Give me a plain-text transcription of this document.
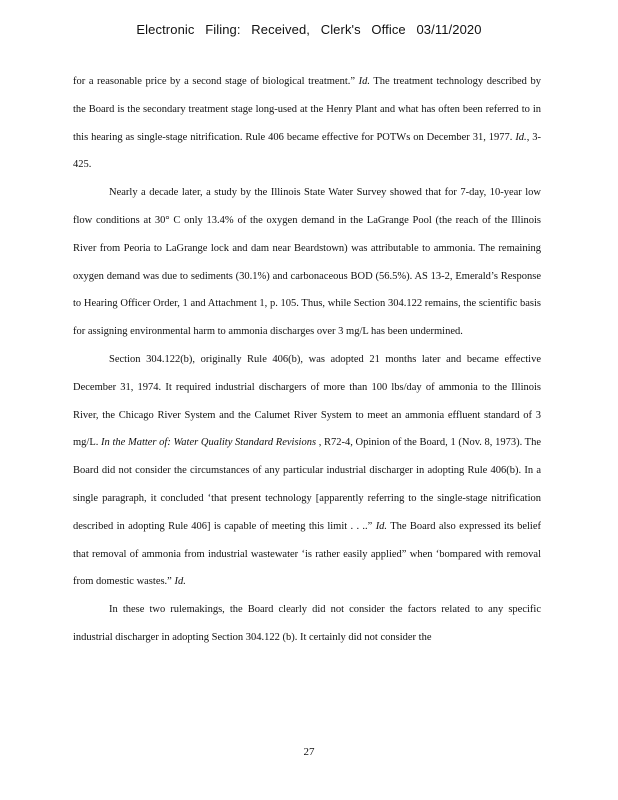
Electronic Filing: Received, Clerk's Office 03/11/2020

for a reasonable price by a second stage of biological treatment.” Id. The treatment technology described by the Board is the secondary treatment stage long-used at the Henry Plant and what has often been referred to in this hearing as single-stage nitrification. Rule 406 became effective for POTWs on December 31, 1977. Id., 3-425.

Nearly a decade later, a study by the Illinois State Water Survey showed that for 7-day, 10-year low flow conditions at 30° C only 13.4% of the oxygen demand in the LaGrange Pool (the reach of the Illinois River from Peoria to LaGrange lock and dam near Beardstown) was attributable to ammonia. The remaining oxygen demand was due to sediments (30.1%) and carbonaceous BOD (56.5%). AS 13-2, Emerald’s Response to Hearing Officer Order, 1 and Attachment 1, p. 105. Thus, while Section 304.122 remains, the scientific basis for assigning environmental harm to ammonia discharges over 3 mg/L has been undermined.

Section 304.122(b), originally Rule 406(b), was adopted 21 months later and became effective December 31, 1974. It required industrial dischargers of more than 100 lbs/day of ammonia to the Illinois River, the Chicago River System and the Calumet River System to meet an ammonia effluent standard of 3 mg/L. In the Matter of: Water Quality Standard Revisions , R72-4, Opinion of the Board, 1 (Nov. 8, 1973). The Board did not consider the circumstances of any particular industrial discharger in adopting Rule 406(b). In a single paragraph, it concluded ‘that present technology [apparently referring to the single-stage nitrification described in adopting Rule 406] is capable of meeting this limit . . ..” Id. The Board also expressed its belief that removal of ammonia from industrial wastewater ‘is rather easily applied” when ‘bompared with removal from domestic wastes.” Id.

In these two rulemakings, the Board clearly did not consider the factors related to any specific industrial discharger in adopting Section 304.122 (b). It certainly did not consider the

27
